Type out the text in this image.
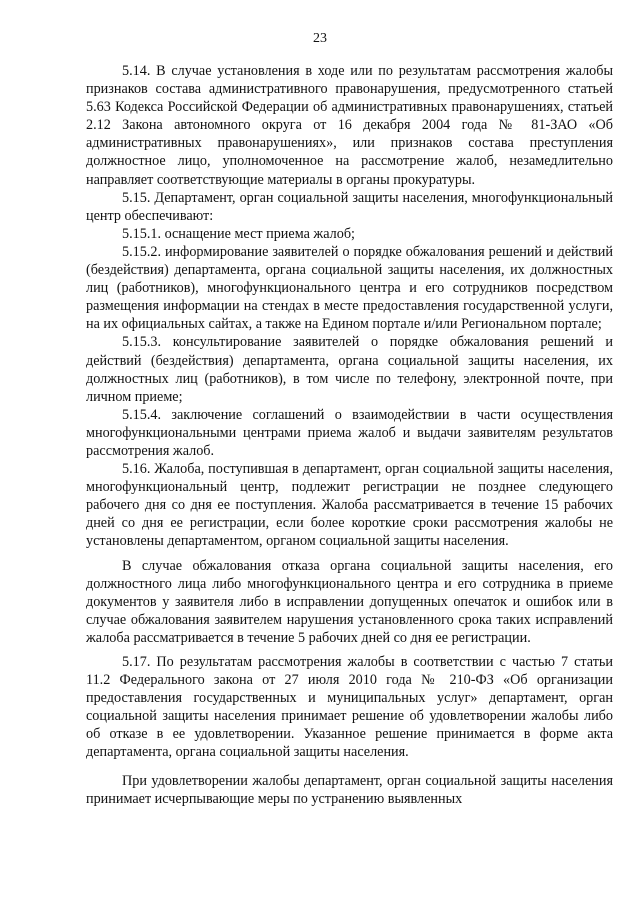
23

5.14. В случае установления в ходе или по результатам рассмотрения жалобы признаков состава административного правонарушения, предусмотренного статьей 5.63 Кодекса Российской Федерации об административных правонарушениях, статьей 2.12 Закона автономного округа от 16 декабря 2004 года № 81-ЗАО «Об административных правонарушениях», или признаков состава преступления должностное лицо, уполномоченное на рассмотрение жалоб, незамедлительно направляет соответствующие материалы в органы прокуратуры.

5.15. Департамент, орган социальной защиты населения, многофункциональный центр обеспечивают:

5.15.1. оснащение мест приема жалоб;

5.15.2. информирование заявителей о порядке обжалования решений и действий (бездействия) департамента, органа социальной защиты населения, их должностных лиц (работников), многофункционального центра и его сотрудников посредством размещения информации на стендах в месте предоставления государственной услуги, на их официальных сайтах, а также на Едином портале и/или Региональном портале;

5.15.3. консультирование заявителей о порядке обжалования решений и действий (бездействия) департамента, органа социальной защиты населения, их должностных лиц (работников), в том числе по телефону, электронной почте, при личном приеме;

5.15.4. заключение соглашений о взаимодействии в части осуществления многофункциональными центрами приема жалоб и выдачи заявителям результатов рассмотрения жалоб.

5.16. Жалоба, поступившая в департамент, орган социальной защиты населения, многофункциональный центр, подлежит регистрации не позднее следующего рабочего дня со дня ее поступления. Жалоба рассматривается в течение 15 рабочих дней со дня ее регистрации, если более короткие сроки рассмотрения жалобы не установлены департаментом, органом социальной защиты населения.

В случае обжалования отказа органа социальной защиты населения, его должностного лица либо многофункционального центра и его сотрудника в приеме документов у заявителя либо в исправлении допущенных опечаток и ошибок или в случае обжалования заявителем нарушения установленного срока таких исправлений жалоба рассматривается в течение 5 рабочих дней со дня ее регистрации.

5.17. По результатам рассмотрения жалобы в соответствии с частью 7 статьи 11.2 Федерального закона от 27 июля 2010 года № 210-ФЗ «Об организации предоставления государственных и муниципальных услуг» департамент, орган социальной защиты населения принимает решение об удовлетворении жалобы либо об отказе в ее удовлетворении. Указанное решение принимается в форме акта департамента, органа социальной защиты населения.

При удовлетворении жалобы департамент, орган социальной защиты населения принимает исчерпывающие меры по устранению выявленных
